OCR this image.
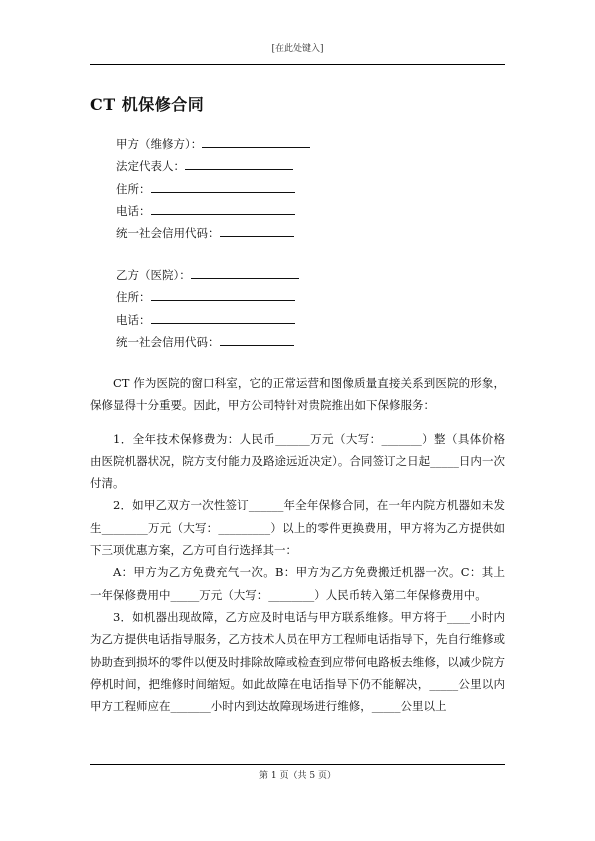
[在此处键入]
CT 机保修合同
甲方（维修方）：
法定代表人：
住所：
电话：
统一社会信用代码：
乙方（医院）：
住所：
电话：
统一社会信用代码：

CT 作为医院的窗口科室，它的正常运营和图像质量直接关系到医院的形象，保修显得十分重要。因此，甲方公司特针对贵院推出如下保修服务：

1．全年技术保修费为：人民币______万元（大写：_______）整（具体价格由医院机器状况，院方支付能力及路途远近决定）。合同签订之日起_____日内一次付清。

2．如甲乙双方一次性签订______年全年保修合同，在一年内院方机器如未发生________万元（大写：_________）以上的零件更换费用，甲方将为乙方提供如下三项优惠方案，乙方可自行选择其一：

A：甲方为乙方免费充气一次。B：甲方为乙方免费搬迁机器一次。C：其上一年保修费用中_____万元（大写：________）人民币转入第二年保修费用中。

3．如机器出现故障，乙方应及时电话与甲方联系维修。甲方将于____小时内为乙方提供电话指导服务，乙方技术人员在甲方工程师电话指导下，先自行维修或协助查到损坏的零件以便及时排除故障或检查到应带何电路板去维修，以减少院方停机时间，把维修时间缩短。如此故障在电话指导下仍不能解决，_____公里以内甲方工程师应在_______小时内到达故障现场进行维修，_____公里以上

第 1 页（共 5 页）
